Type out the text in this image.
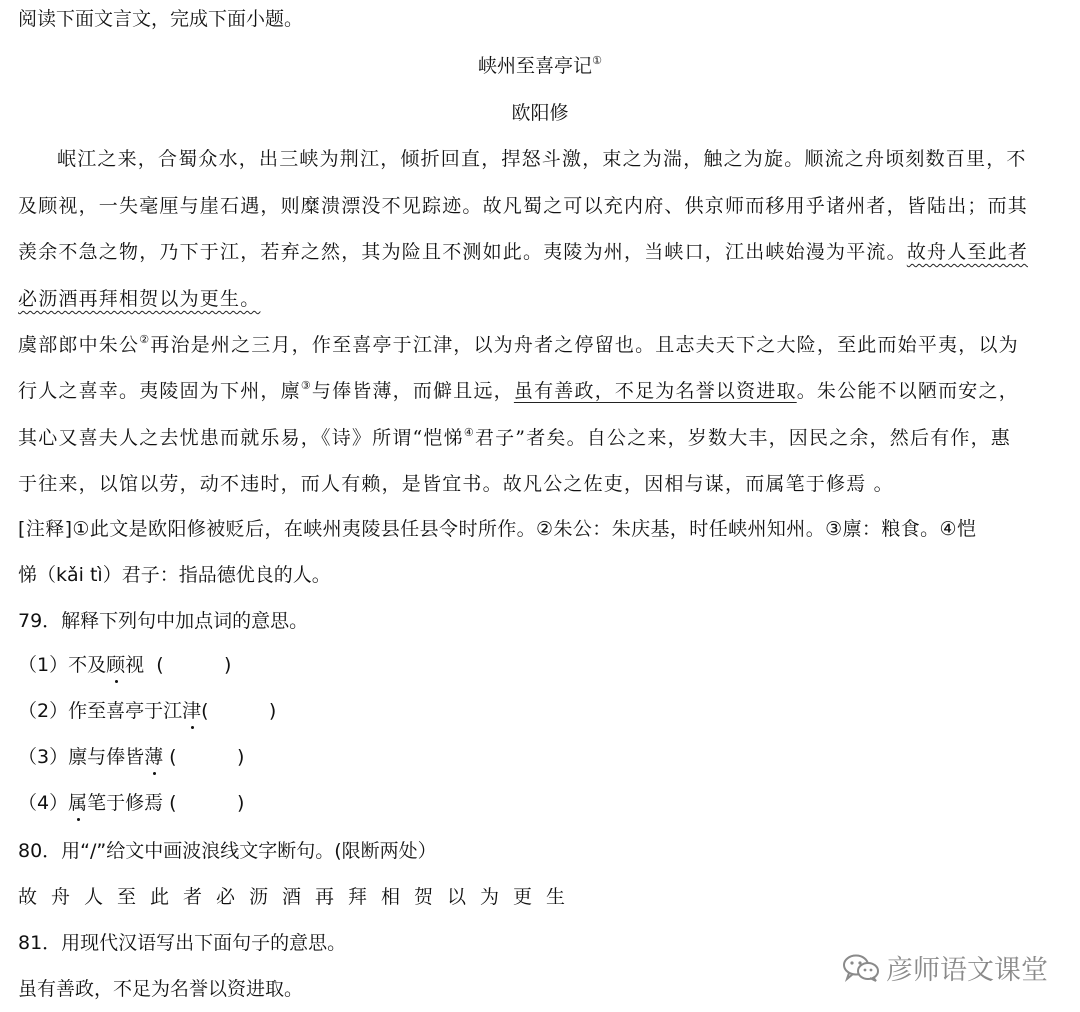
阅读下面文言文，完成下面小题。
峡州至喜亭记①
欧阳修
岷江之来，合蜀众水，出三峡为荆江，倾折回直，捍怒斗激，束之为湍，触之为旋。顺流之舟顷刻数百里，不
及顾视，一失毫厘与崖石遇，则糜溃漂没不见踪迹。故凡蜀之可以充内府、供京师而移用乎诸州者，皆陆出；而其
羡余不急之物，乃下于江，若弃之然，其为险且不测如此。夷陵为州，当峡口，江出峡始漫为平流。故舟人至此者
必沥酒再拜相贺以为更生。
虞部郎中朱公②再治是州之三月，作至喜亭于江津，以为舟者之停留也。且志夫天下之大险，至此而始平夷，以为
行人之喜幸。夷陵固为下州，廪③与俸皆薄，而僻且远，虽有善政，不足为名誉以资进取。朱公能不以陋而安之，
其心又喜夫人之去忧患而就乐易，《诗》所谓“恺悌④君子”者矣。自公之来，岁数大丰，因民之余，然后有作，惠
于往来，以馆以劳，动不违时，而人有赖，是皆宜书。故凡公之佐吏，因相与谋，而属笔于修焉 。
[注释]①此文是欧阳修被贬后，在峡州夷陵县任县令时所作。②朱公：朱庆基，时任峡州知州。③廪：粮食。④恺
悌（kǎi tì）君子：指品德优良的人。
79．解释下列句中加点词的意思。
（1）不及顾视  (          )
（2）作至喜亭于江津(          )
（3）廪与俸皆薄 (          )
（4）属笔于修焉 (          )
80．用“/”给文中画波浪线文字断句。(限断两处）
故舟人至此者必沥酒再拜相贺以为更生
81．用现代汉语写出下面句子的意思。
虽有善政，不足为名誉以资进取。
彦师语文课堂
